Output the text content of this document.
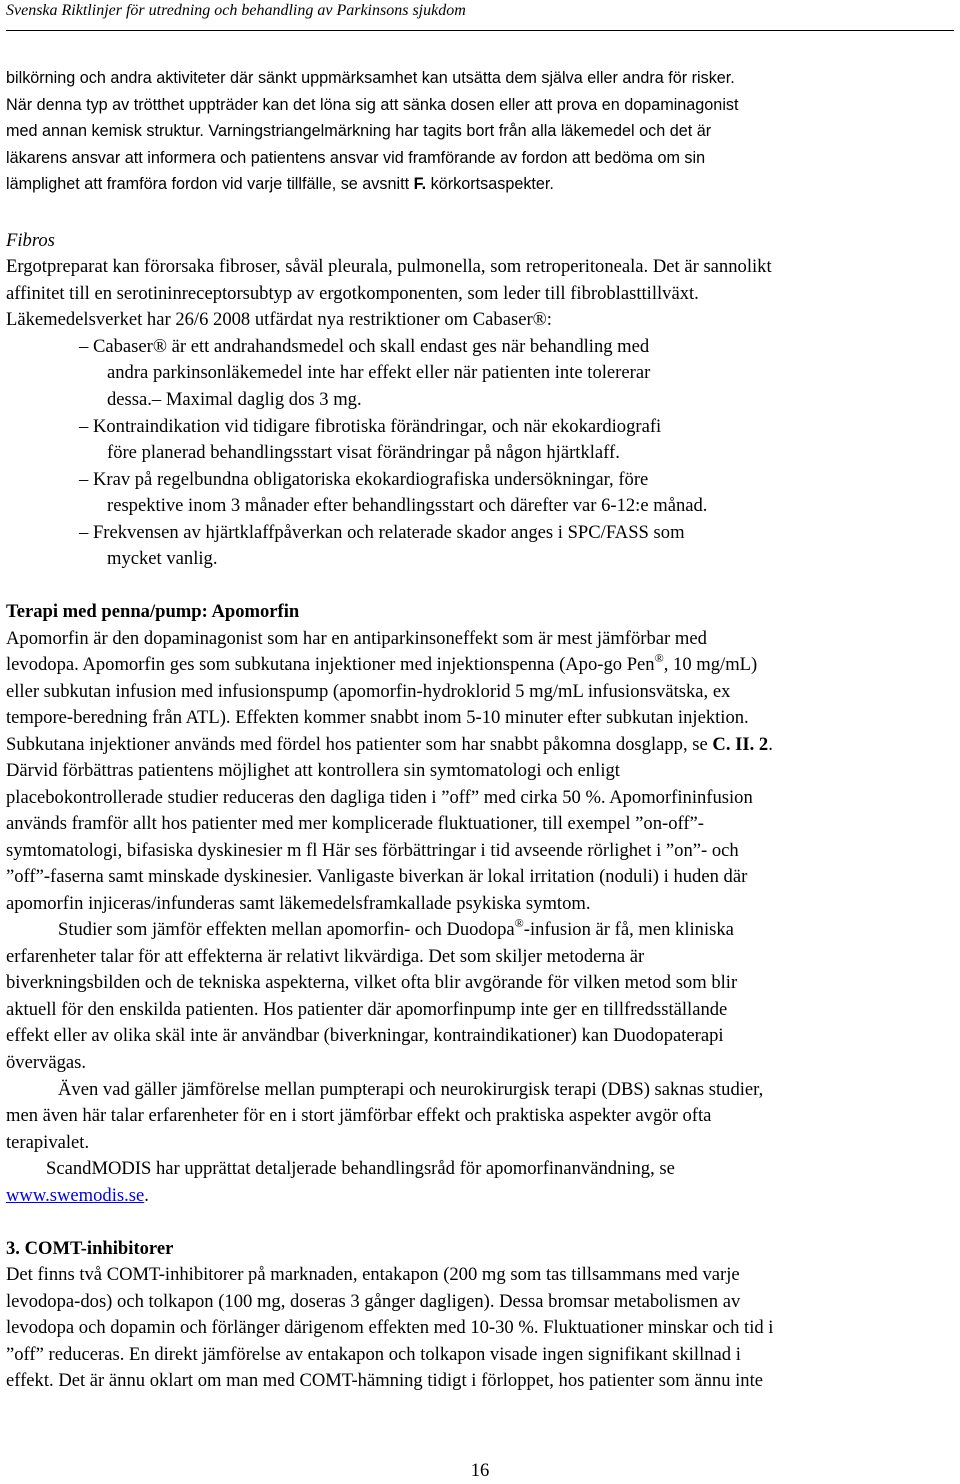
Svenska Riktlinjer för utredning och behandling av Parkinsons sjukdom
bilkörning och andra aktiviteter där sänkt uppmärksamhet kan utsätta dem själva eller andra för risker.
När denna typ av trötthet uppträder kan det löna sig att sänka dosen eller att prova en dopaminagonist
med annan kemisk struktur. Varningstriangelmärkning har tagits bort från alla läkemedel och det är
läkarens ansvar att informera och patientens ansvar vid framförande av fordon att bedöma om sin
lämplighet att framföra fordon vid varje tillfälle, se avsnitt F. körkortsaspekter.
Fibros
Ergotpreparat kan förorsaka fibroser, såväl pleurala, pulmonella, som retroperitoneala. Det är sannolikt
affinitet till en serotininreceptorsubtyp av ergotkomponenten, som leder till fibroblasttillväxt.
Läkemedelsverket har 26/6 2008 utfärdat nya restriktioner om Cabaser®:
– Cabaser® är ett andrahandsmedel och skall endast ges när behandling med
andra parkinsonläkemedel inte har effekt eller när patienten inte tolererar
dessa.– Maximal daglig dos 3 mg.
– Kontraindikation vid tidigare fibrotiska förändringar, och när ekokardiografi
före planerad behandlingsstart visat förändringar på någon hjärtklaff.
– Krav på regelbundna obligatoriska ekokardiografiska undersökningar, före
respektive inom 3 månader efter behandlingsstart och därefter var 6-12:e månad.
– Frekvensen av hjärtklaffpåverkan och relaterade skador anges i SPC/FASS som
mycket vanlig.
Terapi med penna/pump: Apomorfin
Apomorfin är den dopaminagonist som har en antiparkinsoneffekt som är mest jämförbar med
levodopa. Apomorfin ges som subkutana injektioner med injektionspenna (Apo-go Pen®, 10 mg/mL)
eller subkutan infusion med infusionspump (apomorfin-hydroklorid 5 mg/mL infusionsvätska, ex
tempore-beredning från ATL). Effekten kommer snabbt inom 5-10 minuter efter subkutan injektion.
Subkutana injektioner används med fördel hos patienter som har snabbt påkomna dosglapp, se C. II. 2.
Därvid förbättras patientens möjlighet att kontrollera sin symtomatologi och enligt
placebokontrollerade studier reduceras den dagliga tiden i ”off” med cirka 50 %. Apomorfininfusion
används framför allt hos patienter med mer komplicerade fluktuationer, till exempel ”on-off”-
symtomatologi, bifasiska dyskinesier m fl Här ses förbättringar i tid avseende rörlighet i ”on”- och
”off”-faserna samt minskade dyskinesier. Vanligaste biverkan är lokal irritation (noduli) i huden där
apomorfin injiceras/infunderas samt läkemedelsframkallade psykiska symtom.
Studier som jämför effekten mellan apomorfin- och Duodopa®-infusion är få, men kliniska
erfarenheter talar för att effekterna är relativt likvärdiga. Det som skiljer metoderna är
biverkningsbilden och de tekniska aspekterna, vilket ofta blir avgörande för vilken metod som blir
aktuell för den enskilda patienten. Hos patienter där apomorfinpump inte ger en tillfredsställande
effekt eller av olika skäl inte är användbar (biverkningar, kontraindikationer) kan Duodopaterapi
övervägas.
Även vad gäller jämförelse mellan pumpterapi och neurokirurgisk terapi (DBS) saknas studier,
men även här talar erfarenheter för en i stort jämförbar effekt och praktiska aspekter avgör ofta
terapivalet.
ScandMODIS har upprättat detaljerade behandlingsråd för apomorfinanvändning, se
www.swemodis.se.
3. COMT-inhibitorer
Det finns två COMT-inhibitorer på marknaden, entakapon (200 mg som tas tillsammans med varje
levodopa-dos) och tolkapon (100 mg, doseras 3 gånger dagligen). Dessa bromsar metabolismen av
levodopa och dopamin och förlänger därigenom effekten med 10-30 %. Fluktuationer minskar och tid i
”off” reduceras. En direkt jämförelse av entakapon och tolkapon visade ingen signifikant skillnad i
effekt. Det är ännu oklart om man med COMT-hämning tidigt i förloppet, hos patienter som ännu inte
16
